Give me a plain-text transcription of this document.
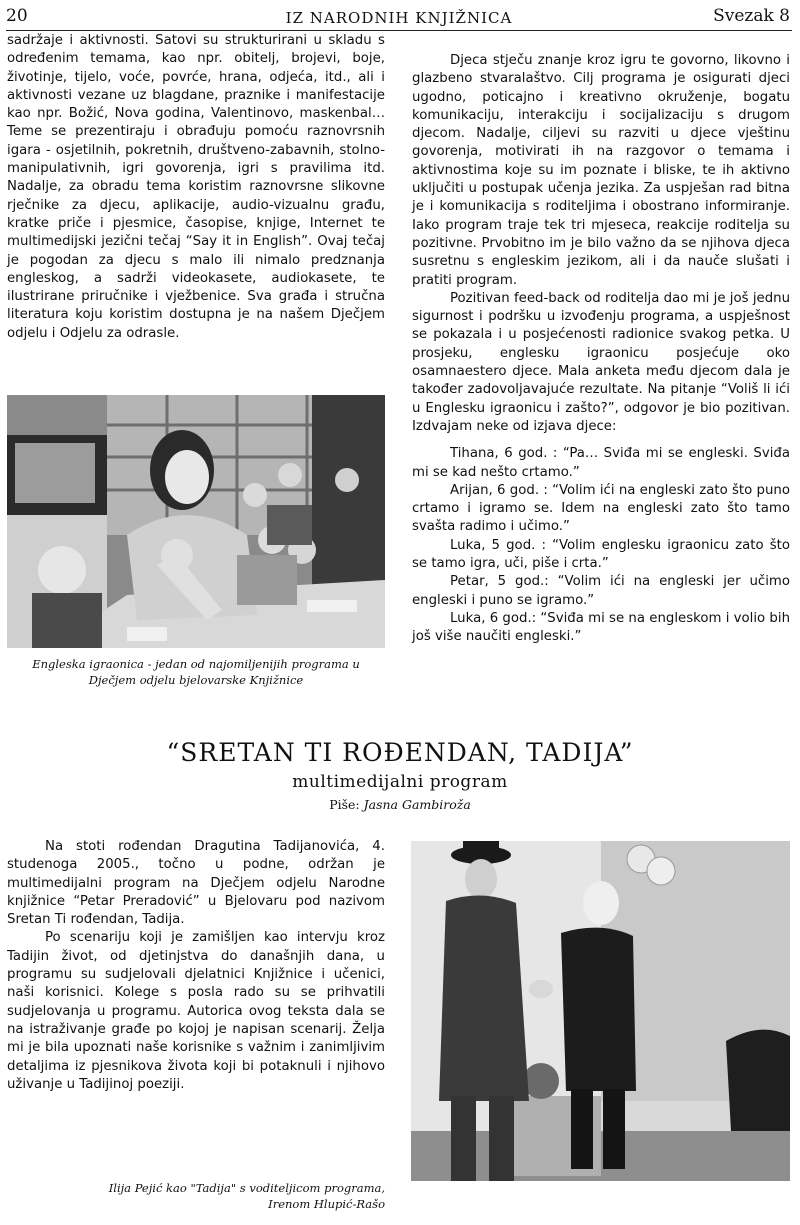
20	IZ NARODNIH KNJIŽNICA	Svezak 8

sadržaje i aktivnosti. Satovi su strukturirani u skladu s određenim temama, kao npr. obitelj, brojevi, boje, životinje, tijelo, voće, povrće, hrana, odjeća, itd., ali i aktivnosti vezane uz blagdane, praznike i manifestacije kao npr. Božić, Nova godina, Valentinovo, maskenbal… Teme se prezentiraju i obrađuju pomoću raznovrsnih igara - osjetilnih, pokretnih, društveno-zabavnih, stolno-manipulativnih, igri govorenja, igri s pravilima itd. Nadalje, za obradu tema koristim raznovrsne slikovne rječnike za djecu, aplikacije, audio-vizualnu građu, kratke priče i pjesmice, časopise, knjige, Internet te multimedijski jezični tečaj “Say it in English”. Ovaj tečaj je pogodan za djecu s malo ili nimalo predznanja engleskog, a sadrži videokasete, audiokasete, te ilustrirane priručnike i vježbenice. Sva građa i stručna literatura koju koristim dostupna je na našem Dječjem odjelu i Odjelu za odrasle.

Engleska igraonica - jedan od najomiljenijih programa u Dječjem odjelu bjelovarske Knjižnice

Djeca stječu znanje kroz igru te govorno, likovno i glazbeno stvaralaštvo. Cilj programa je osigurati djeci ugodno, poticajno i kreativno okruženje, bogatu komunikaciju, interakciju i socijalizaciju s drugom djecom. Nadalje, ciljevi su razviti u djece vještinu govorenja, motivirati ih na razgovor o temama i aktivnostima koje su im poznate i bliske, te ih aktivno uključiti u postupak učenja jezika. Za uspješan rad bitna je i komunikacija s roditeljima i obostrano informiranje. Iako program traje tek tri mjeseca, reakcije roditelja su pozitivne. Prvobitno im je bilo važno da se njihova djeca susretnu s engleskim jezikom, ali i da nauče slušati i pratiti program.

Pozitivan feed-back od roditelja dao mi je još jednu sigurnost i podršku u izvođenju programa, a uspješnost se pokazala i u posjećenosti radionice svakog petka. U prosjeku, englesku igraonicu posjećuje oko osamnaestero djece. Mala anketa među djecom dala je također zadovoljavajuće rezultate. Na pitanje “Voliš li ići u Englesku igraonicu i zašto?”, odgovor je bio pozitivan. Izdvajam neke od izjava djece:

Tihana, 6 god. : “Pa… Sviđa mi se engleski. Sviđa mi se kad nešto crtamo.”

Arijan, 6 god. : “Volim ići na engleski zato što puno crtamo i igramo se. Idem na engleski zato što tamo svašta radimo i učimo.”

Luka, 5 god. : “Volim englesku igraonicu zato što se tamo igra, uči, piše i crta.”

Petar, 5 god.: “Volim ići na engleski jer učimo engleski i puno se igramo.”

Luka, 6 god.: “Sviđa mi se na engleskom i volio bih još više naučiti engleski.”

“SRETAN TI ROĐENDAN, TADIJA”
multimedijalni program
Piše: Jasna Gambiroža

Na stoti rođendan Dragutina Tadijanovića, 4. studenoga 2005., točno u podne, održan je multimedijalni program na Dječjem odjelu Narodne knjižnice “Petar Preradović” u Bjelovaru pod nazivom Sretan Ti rođendan, Tadija.

Po scenariju koji je zamišljen kao intervju kroz Tadijin život, od djetinjstva do današnjih dana, u programu su sudjelovali djelatnici Knjižnice i učenici, naši korisnici. Kolege s posla rado su se prihvatili sudjelovanja u programu. Autorica ovog teksta dala se na istraživanje građe po kojoj je napisan scenarij. Želja mi je bila upoznati naše korisnike s važnim i zanimljivim detaljima iz pjesnikova života koji bi potaknuli i njihovo uživanje u Tadijinoj poeziji.

Ilija Pejić kao "Tadija" s voditeljicom programa,
Irenom Hlupić-Rašo
